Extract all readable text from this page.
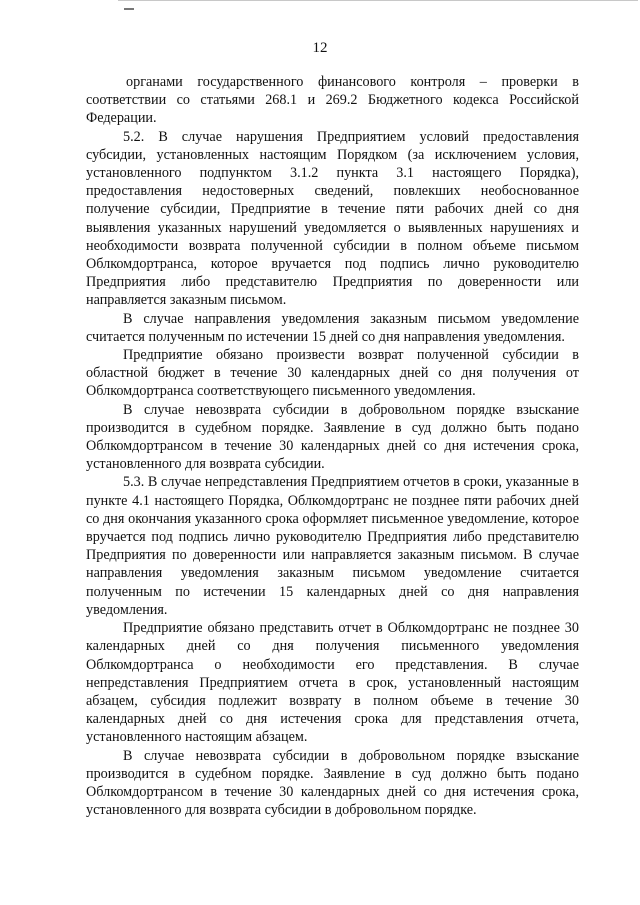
12

органами государственного финансового контроля – проверки в соответствии со статьями 268.1 и 269.2 Бюджетного кодекса Российской Федерации.

5.2. В случае нарушения Предприятием условий предоставления субсидии, установленных настоящим Порядком (за исключением условия, установленного подпунктом 3.1.2 пункта 3.1 настоящего Порядка), предоставления недостоверных сведений, повлекших необоснованное получение субсидии, Предприятие в течение пяти рабочих дней со дня выявления указанных нарушений уведомляется о выявленных нарушениях и необходимости возврата полученной субсидии в полном объеме письмом Облкомдортранса, которое вручается под подпись лично руководителю Предприятия либо представителю Предприятия по доверенности или направляется заказным письмом.

В случае направления уведомления заказным письмом уведомление считается полученным по истечении 15 дней со дня направления уведомления.

Предприятие обязано произвести возврат полученной субсидии в областной бюджет в течение 30 календарных дней со дня получения от Облкомдортранса соответствующего письменного уведомления.

В случае невозврата субсидии в добровольном порядке взыскание производится в судебном порядке. Заявление в суд должно быть подано Облкомдортрансом в течение 30 календарных дней со дня истечения срока, установленного для возврата субсидии.

5.3. В случае непредставления Предприятием отчетов в сроки, указанные в пункте 4.1 настоящего Порядка, Облкомдортранс не позднее пяти рабочих дней со дня окончания указанного срока оформляет письменное уведомление, которое вручается под подпись лично руководителю Предприятия либо представителю Предприятия по доверенности или направляется заказным письмом. В случае направления уведомления заказным письмом уведомление считается полученным по истечении 15 календарных дней со дня направления уведомления.

Предприятие обязано представить отчет в Облкомдортранс не позднее 30 календарных дней со дня получения письменного уведомления Облкомдортранса о необходимости его представления. В случае непредставления Предприятием отчета в срок, установленный настоящим абзацем, субсидия подлежит возврату в полном объеме в течение 30 календарных дней со дня истечения срока для представления отчета, установленного настоящим абзацем.

В случае невозврата субсидии в добровольном порядке взыскание производится в судебном порядке. Заявление в суд должно быть подано Облкомдортрансом в течение 30 календарных дней со дня истечения срока, установленного для возврата субсидии в добровольном порядке.
